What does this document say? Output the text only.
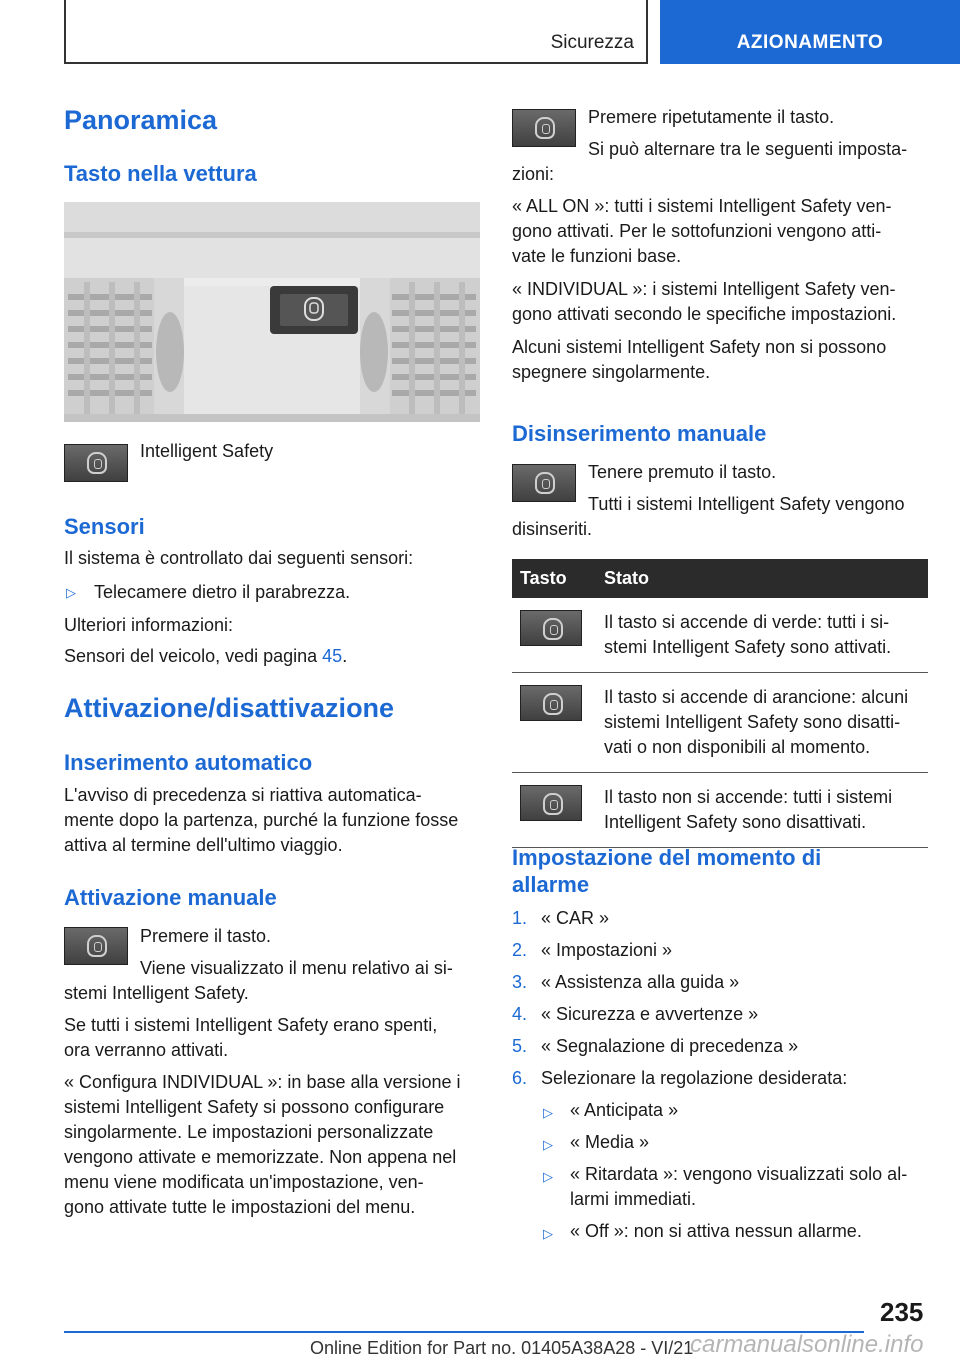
Sicurezza	AZIONAMENTO
Panoramica
Tasto nella vettura
Intelligent Safety
Sensori
Il sistema è controllato dai seguenti sensori:
▷ Telecamere dietro il parabrezza.
Ulteriori informazioni:
Sensori del veicolo, vedi pagina 45.
Attivazione/disattivazione
Inserimento automatico
L'avviso di precedenza si riattiva automatica-
mente dopo la partenza, purché la funzione fosse
attiva al termine dell'ultimo viaggio.
Attivazione manuale
Premere il tasto.
Viene visualizzato il menu relativo ai si-
stemi Intelligent Safety.
Se tutti i sistemi Intelligent Safety erano spenti,
ora verranno attivati.
« Configura INDIVIDUAL »: in base alla versione i
sistemi Intelligent Safety si possono configurare
singolarmente. Le impostazioni personalizzate
vengono attivate e memorizzate. Non appena nel
menu viene modificata un'impostazione, ven-
gono attivate tutte le impostazioni del menu.
Premere ripetutamente il tasto.
Si può alternare tra le seguenti imposta-
zioni:
« ALL ON »: tutti i sistemi Intelligent Safety ven-
gono attivati. Per le sottofunzioni vengono atti-
vate le funzioni base.
« INDIVIDUAL »: i sistemi Intelligent Safety ven-
gono attivati secondo le specifiche impostazioni.
Alcuni sistemi Intelligent Safety non si possono
spegnere singolarmente.
Disinserimento manuale
Tenere premuto il tasto.
Tutti i sistemi Intelligent Safety vengono
disinseriti.
Tasto	Stato

	Il tasto si accende di verde: tutti i si-
stemi Intelligent Safety sono attivati.

	Il tasto si accende di arancione: alcuni
sistemi Intelligent Safety sono disatti-
vati o non disponibili al momento.

	Il tasto non si accende: tutti i sistemi
Intelligent Safety sono disattivati.
Impostazione del momento di
allarme
1. « CAR »
2. « Impostazioni »
3. « Assistenza alla guida »
4. « Sicurezza e avvertenze »
5. « Segnalazione di precedenza »
6. Selezionare la regolazione desiderata:
▷ « Anticipata »
▷ « Media »
▷ « Ritardata »: vengono visualizzati solo al-
larmi immediati.
▷ « Off »: non si attiva nessun allarme.
235
Online Edition for Part no. 01405A38A28 - VI/21
carmanualsonline.info
